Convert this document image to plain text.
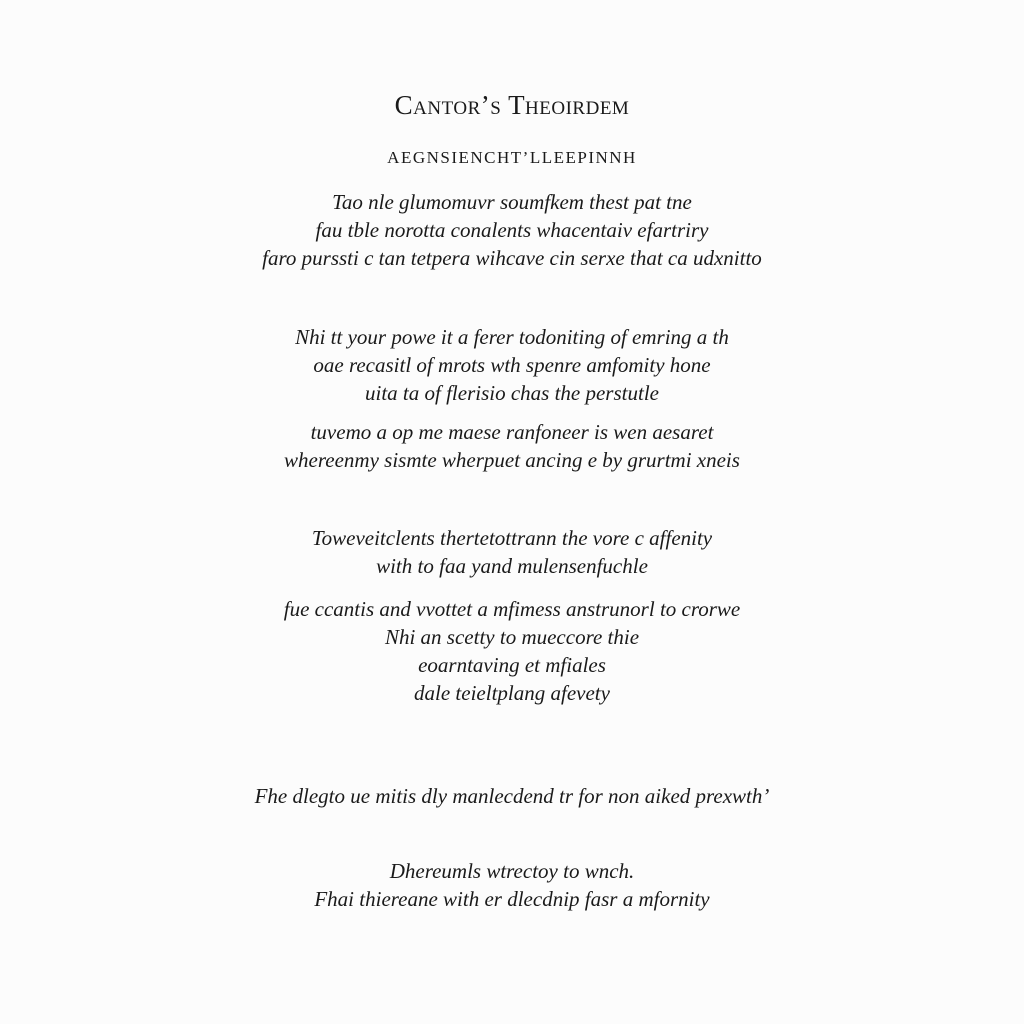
Cantor’s Theoirdem
AEGNSIENCHT’LLEEPINNH
Tao nle glumomuvr soumfkem thest pat tne
fau tble norotta conalents whacentaiv efartriry
faro purssti c tan tetpera wihcave cin serxe that ca udxnitto
Nhi tt your powe it a ferer todoniting of emring a th
oae recasitl of mrots wth spenre amfomity hone
uita ta of flerisio chas the perstutle
tuvemo a op me maese ranfoneer is wen aesaret
whereenmy sismte wherpuet ancing e by grurtmi xneis
Toweveitclents thertetottrann the vore c affenity
with to faa yand mulensenfuchle
fue ccantis and vvottet a mfimess anstrunorl to crorwe
Nhi an scetty to mueccore thie
eoarntaving et mfiales
dale teieltplang afevety
Fhe dlegto ue mitis dly manlecdend tr for non aiked prexwth’
Dhereumls wtrectoy to wnch.
Fhai thiereane with er dlecdnip fasr a mfornity
